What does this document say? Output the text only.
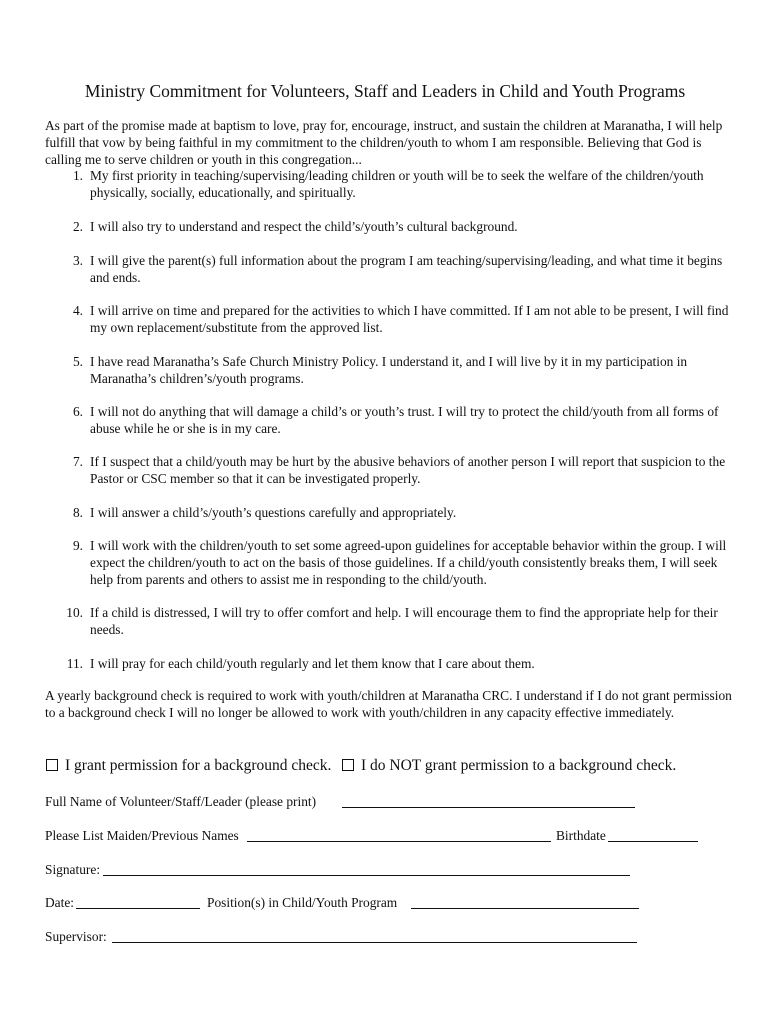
Ministry Commitment for Volunteers, Staff and Leaders in Child and Youth Programs
As part of the promise made at baptism to love, pray for, encourage, instruct, and sustain the children at Maranatha, I will help fulfill that vow by being faithful in my commitment to the children/youth to whom I am responsible. Believing that God is calling me to serve children or youth in this congregation...
1. My first priority in teaching/supervising/leading children or youth will be to seek the welfare of the children/youth physically, socially, educationally, and spiritually.
2. I will also try to understand and respect the child’s/youth’s cultural background.
3. I will give the parent(s) full information about the program I am teaching/supervising/leading, and what time it begins and ends.
4. I will arrive on time and prepared for the activities to which I have committed. If I am not able to be present, I will find my own replacement/substitute from the approved list.
5. I have read Maranatha’s Safe Church Ministry Policy. I understand it, and I will live by it in my participation in Maranatha’s children’s/youth programs.
6. I will not do anything that will damage a child’s or youth’s trust. I will try to protect the child/youth from all forms of abuse while he or she is in my care.
7. If I suspect that a child/youth may be hurt by the abusive behaviors of another person I will report that suspicion to the Pastor or CSC member so that it can be investigated properly.
8. I will answer a child’s/youth’s questions carefully and appropriately.
9. I will work with the children/youth to set some agreed-upon guidelines for acceptable behavior within the group. I will expect the children/youth to act on the basis of those guidelines. If a child/youth consistently breaks them, I will seek help from parents and others to assist me in responding to the child/youth.
10. If a child is distressed, I will try to offer comfort and help. I will encourage them to find the appropriate help for their needs.
11. I will pray for each child/youth regularly and let them know that I care about them.
A yearly background check is required to work with youth/children at Maranatha CRC. I understand if I do not grant permission to a background check I will no longer be allowed to work with youth/children in any capacity effective immediately.
I grant permission for a background check.	I do NOT grant permission to a background check.
Full Name of Volunteer/Staff/Leader (please print)
Please List Maiden/Previous Names	Birthdate
Signature:
Date:	Position(s) in Child/Youth Program
Supervisor:
